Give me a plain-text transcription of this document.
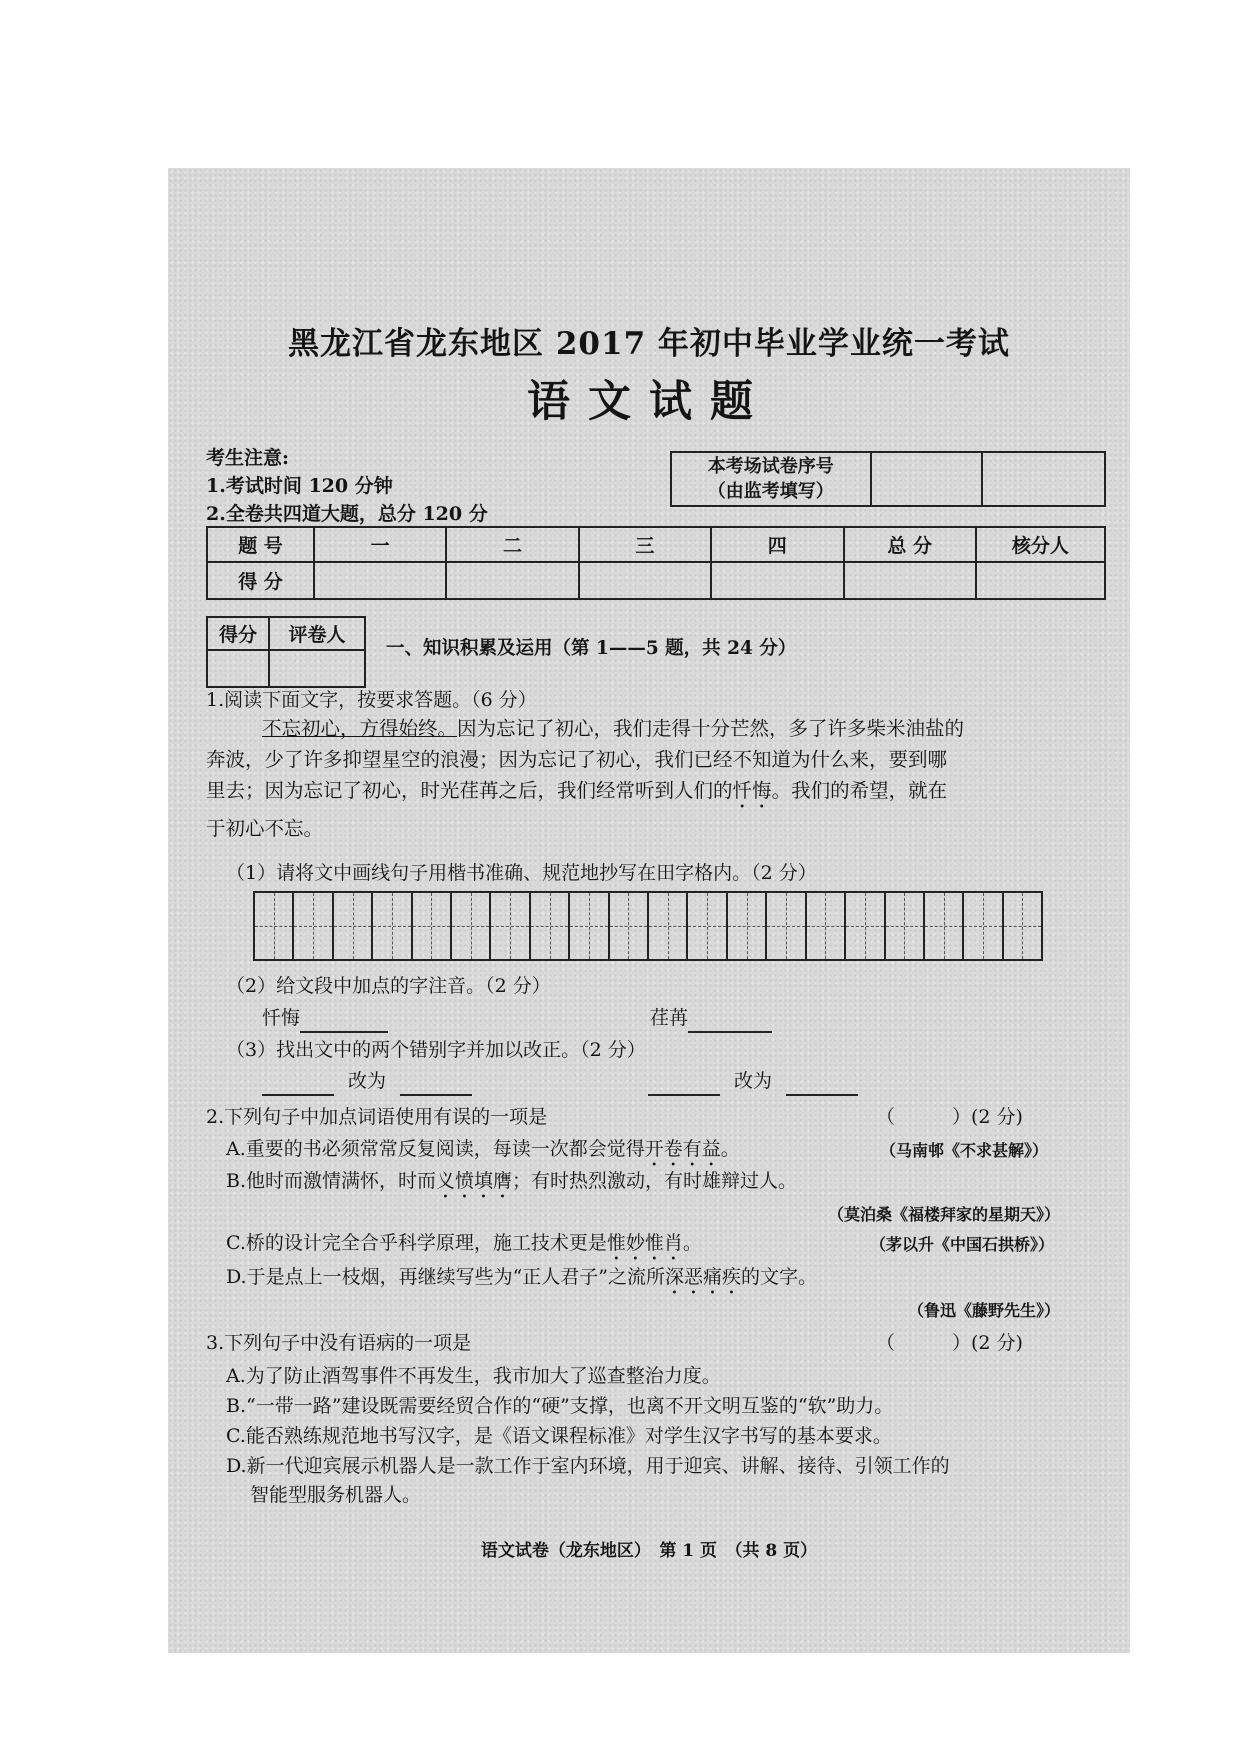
黑龙江省龙东地区 2017 年初中毕业学业统一考试
语文试题
考生注意:
1.考试时间 120 分钟
2.全卷共四道大题，总分 120 分
本考场试卷序号
（由监考填写）

题 号	一	二	三	四	总 分	核分人
得 分						
得分	评卷人

一、知识积累及运用（第 1——5 题，共 24 分）
1.阅读下面文字，按要求答题。（6 分）
不忘初心，方得始终。因为忘记了初心，我们走得十分芒然，多了许多柴米油盐的
奔波，少了许多抑望星空的浪漫；因为忘记了初心，我们已经不知道为什么来，要到哪
里去；因为忘记了初心，时光荏苒之后，我们经常听到人们的忏悔。我们的希望，就在
于初心不忘。
（1）请将文中画线句子用楷书准确、规范地抄写在田字格内。（2 分）
（2）给文段中加点的字注音。（2 分）
忏悔	荏苒
（3）找出文中的两个错别字并加以改正。（2 分）
改为	改为
2.下列句子中加点词语使用有误的一项是	（　　　）(2 分)
A.重要的书必须常常反复阅读，每读一次都会觉得开卷有益。	（马南邨《不求甚解》）
B.他时而激情满怀，时而义愤填膺；有时热烈激动，有时雄辩过人。
（莫泊桑《福楼拜家的星期天》）
C.桥的设计完全合乎科学原理，施工技术更是惟妙惟肖。	（茅以升《中国石拱桥》）
D.于是点上一枝烟，再继续写些为“正人君子”之流所深恶痛疾的文字。
（鲁迅《藤野先生》）
3.下列句子中没有语病的一项是	（　　　）(2 分)
A.为了防止酒驾事件不再发生，我市加大了巡查整治力度。
B.“一带一路”建设既需要经贸合作的“硬”支撑，也离不开文明互鉴的“软”助力。
C.能否熟练规范地书写汉字，是《语文课程标准》对学生汉字书写的基本要求。
D.新一代迎宾展示机器人是一款工作于室内环境，用于迎宾、讲解、接待、引领工作的
智能型服务机器人。
语文试卷（龙东地区）　第 1 页　（共 8 页）
